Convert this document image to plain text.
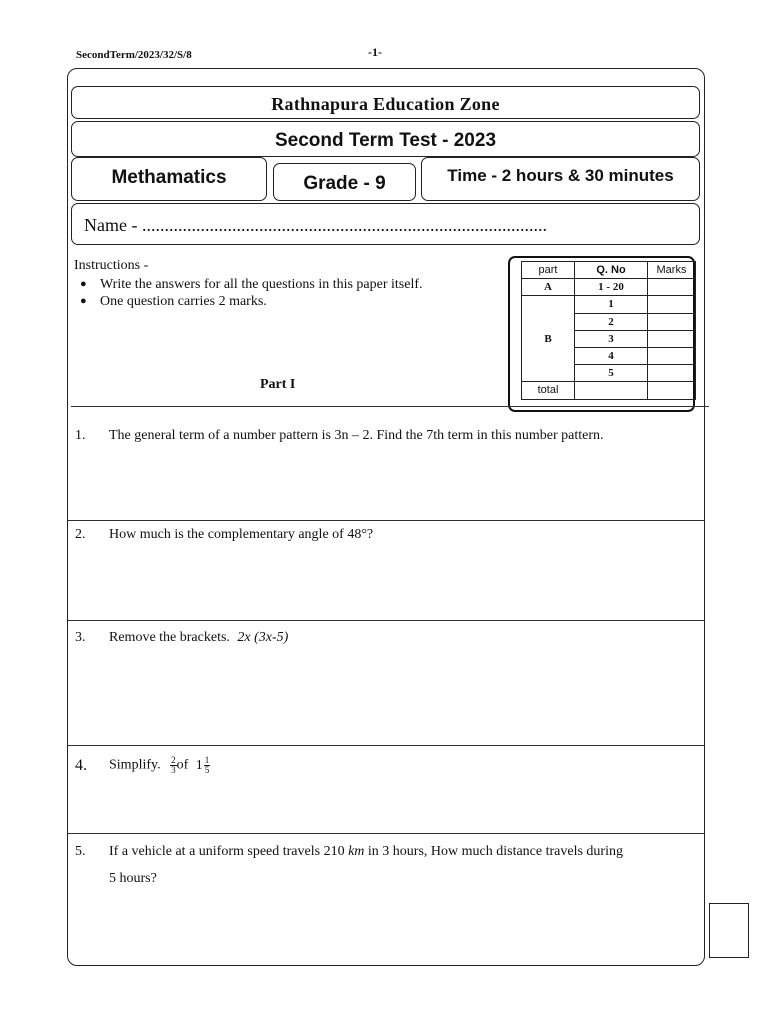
SecondTerm/2023/32/S/8	-1-
Rathnapura Education Zone
Second Term Test - 2023
Methamatics	Grade - 9	Time - 2 hours & 30 minutes
Name - ..........................................................................................
Instructions -
● Write the answers for all the questions in this paper itself.
● One question carries 2 marks.
part	Q. No	Marks
A	1 - 20	
B	1	
	2	
	3	
	4	
	5	
total		
Part I
1. The general term of a number pattern is 3n – 2. Find the 7th term in this number pattern.
2. How much is the complementary angle of 48°?
3. Remove the brackets. 2x (3x-5)
4. Simplify. $\frac{2}{3}$ of $1 \frac{1}{5}$
5. If a vehicle at a uniform speed travels 210 km in 3 hours, How much distance travels during
5 hours?
